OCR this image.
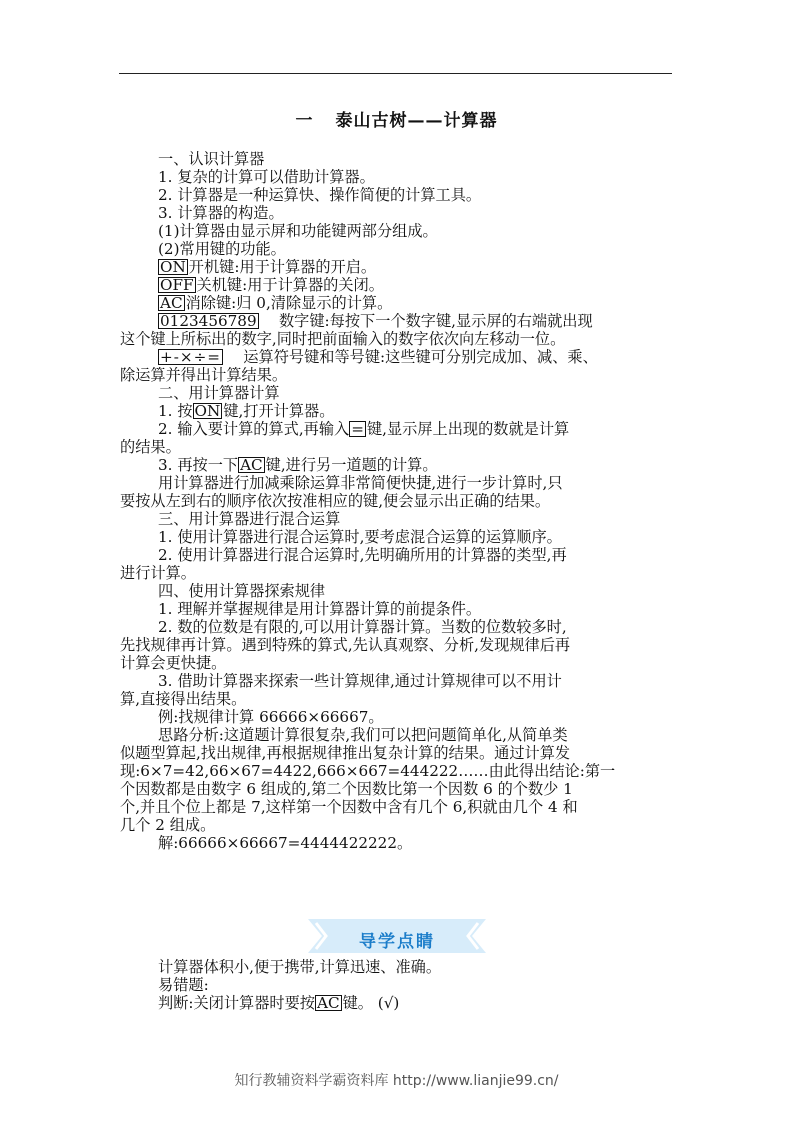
一 泰山古树——计算器
一、认识计算器
1. 复杂的计算可以借助计算器。
2. 计算器是一种运算快、操作简便的计算工具。
3. 计算器的构造。
(1)计算器由显示屏和功能键两部分组成。
(2)常用键的功能。
ON 开机键:用于计算器的开启。
OFF 关机键:用于计算器的关闭。
AC 消除键:归 0,清除显示的计算。
0123456789 数字键:每按下一个数字键,显示屏的右端就出现
这个键上所标出的数字,同时把前面输入的数字依次向左移动一位。
+-×÷= 运算符号键和等号键:这些键可分别完成加、减、乘、
除运算并得出计算结果。
二、用计算器计算
1. 按 ON 键,打开计算器。
2. 输入要计算的算式,再输入 = 键,显示屏上出现的数就是计算
的结果。
3. 再按一下 AC 键,进行另一道题的计算。
用计算器进行加减乘除运算非常简便快捷,进行一步计算时,只
要按从左到右的顺序依次按准相应的键,便会显示出正确的结果。
三、用计算器进行混合运算
1. 使用计算器进行混合运算时,要考虑混合运算的运算顺序。
2. 使用计算器进行混合运算时,先明确所用的计算器的类型,再
进行计算。
四、使用计算器探索规律
1. 理解并掌握规律是用计算器计算的前提条件。
2. 数的位数是有限的,可以用计算器计算。当数的位数较多时,
先找规律再计算。遇到特殊的算式,先认真观察、分析,发现规律后再
计算会更快捷。
3. 借助计算器来探索一些计算规律,通过计算规律可以不用计
算,直接得出结果。
例:找规律计算 66666×66667。
思路分析:这道题计算很复杂,我们可以把问题简单化,从简单类
似题型算起,找出规律,再根据规律推出复杂计算的结果。通过计算发
现:6×7=42,66×67=4422,666×667=444222……由此得出结论:第一
个因数都是由数字 6 组成的,第二个因数比第一个因数 6 的个数少 1
个,并且个位上都是 7,这样第一个因数中含有几个 6,积就由几个 4 和
几个 2 组成。
解:66666×66667=4444422222。
导学点睛
计算器体积小,便于携带,计算迅速、准确。
易错题:
判断:关闭计算器时要按 AC 键。 (√)
知行教辅资料学霸资料库 http://www.lianjie99.cn/
